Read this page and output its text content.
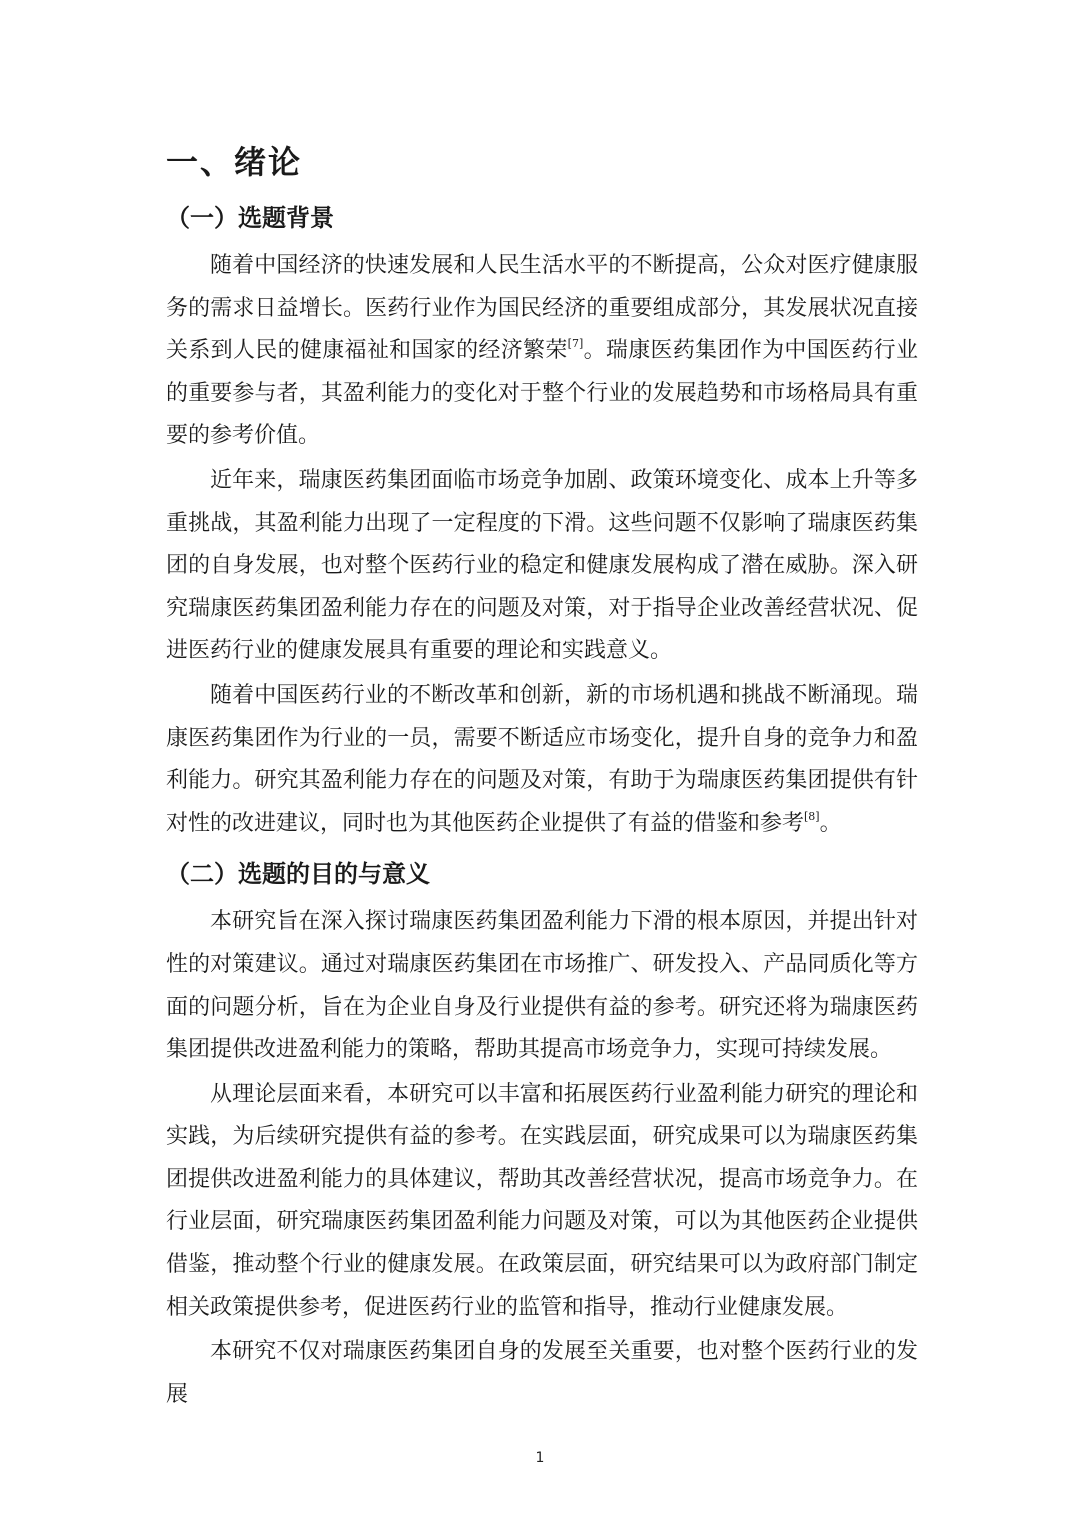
一、绪论
（一）选题背景

随着中国经济的快速发展和人民生活水平的不断提高，公众对医疗健康服务的需求日益增长。医药行业作为国民经济的重要组成部分，其发展状况直接关系到人民的健康福祉和国家的经济繁荣[7]。瑞康医药集团作为中国医药行业的重要参与者，其盈利能力的变化对于整个行业的发展趋势和市场格局具有重要的参考价值。

近年来，瑞康医药集团面临市场竞争加剧、政策环境变化、成本上升等多重挑战，其盈利能力出现了一定程度的下滑。这些问题不仅影响了瑞康医药集团的自身发展，也对整个医药行业的稳定和健康发展构成了潜在威胁。深入研究瑞康医药集团盈利能力存在的问题及对策，对于指导企业改善经营状况、促进医药行业的健康发展具有重要的理论和实践意义。

随着中国医药行业的不断改革和创新，新的市场机遇和挑战不断涌现。瑞康医药集团作为行业的一员，需要不断适应市场变化，提升自身的竞争力和盈利能力。研究其盈利能力存在的问题及对策，有助于为瑞康医药集团提供有针对性的改进建议，同时也为其他医药企业提供了有益的借鉴和参考[8]。

（二）选题的目的与意义

本研究旨在深入探讨瑞康医药集团盈利能力下滑的根本原因，并提出针对性的对策建议。通过对瑞康医药集团在市场推广、研发投入、产品同质化等方面的问题分析，旨在为企业自身及行业提供有益的参考。研究还将为瑞康医药集团提供改进盈利能力的策略，帮助其提高市场竞争力，实现可持续发展。

从理论层面来看，本研究可以丰富和拓展医药行业盈利能力研究的理论和实践，为后续研究提供有益的参考。在实践层面，研究成果可以为瑞康医药集团提供改进盈利能力的具体建议，帮助其改善经营状况，提高市场竞争力。在行业层面，研究瑞康医药集团盈利能力问题及对策，可以为其他医药企业提供借鉴，推动整个行业的健康发展。在政策层面，研究结果可以为政府部门制定相关政策提供参考，促进医药行业的监管和指导，推动行业健康发展。

本研究不仅对瑞康医药集团自身的发展至关重要，也对整个医药行业的发展

1
